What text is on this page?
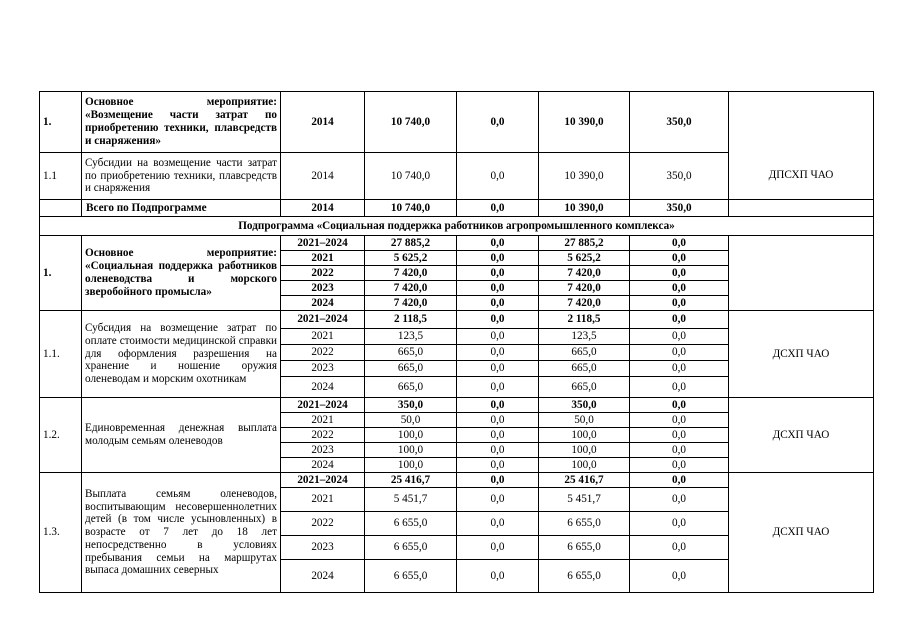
1.	Основное мероприятие: «Возмещение части затрат по приобретению техники, плавсредств и снаряжения»	2014	10 740,0	0,0	10 390,0	350,0	
1.1	Субсидии на возмещение части затрат по приобретению техники, плавсредств и снаряжения	2014	10 740,0	0,0	10 390,0	350,0	ДПСХП ЧАО
	Всего по Подпрограмме	2014	10 740,0	0,0	10 390,0	350,0	
Подпрограмма «Социальная поддержка работников агропромышленного комплекса»							
1.	Основное мероприятие: «Социальная поддержка работников оленеводства и морского зверобойного промысла»	2021–2024	27 885,2	0,0	27 885,2	0,0	
		2021	5 625,2	0,0	5 625,2	0,0	
		2022	7 420,0	0,0	7 420,0	0,0	
		2023	7 420,0	0,0	7 420,0	0,0	
		2024	7 420,0	0,0	7 420,0	0,0	
1.1.	Субсидия на возмещение затрат по оплате стоимости медицинской справки для оформления разрешения на хранение и ношение оружия оленеводам и морским охотникам	2021–2024	2 118,5	0,0	2 118,5	0,0	ДСХП ЧАО
		2021	123,5	0,0	123,5	0,0	
		2022	665,0	0,0	665,0	0,0	
		2023	665,0	0,0	665,0	0,0	
		2024	665,0	0,0	665,0	0,0	
1.2.	Единовременная денежная выплата молодым семьям оленеводов	2021–2024	350,0	0,0	350,0	0,0	ДСХП ЧАО
		2021	50,0	0,0	50,0	0,0	
		2022	100,0	0,0	100,0	0,0	
		2023	100,0	0,0	100,0	0,0	
		2024	100,0	0,0	100,0	0,0	
1.3.	Выплата семьям оленеводов, воспитывающим несовершеннолетних детей (в том числе усыновленных) в возрасте от 7 лет до 18 лет непосредственно в условиях пребывания семьи на маршрутах выпаса домашних северных	2021–2024	25 416,7	0,0	25 416,7	0,0	ДСХП ЧАО
		2021	5 451,7	0,0	5 451,7	0,0	
		2022	6 655,0	0,0	6 655,0	0,0	
		2023	6 655,0	0,0	6 655,0	0,0	
		2024	6 655,0	0,0	6 655,0	0,0	
